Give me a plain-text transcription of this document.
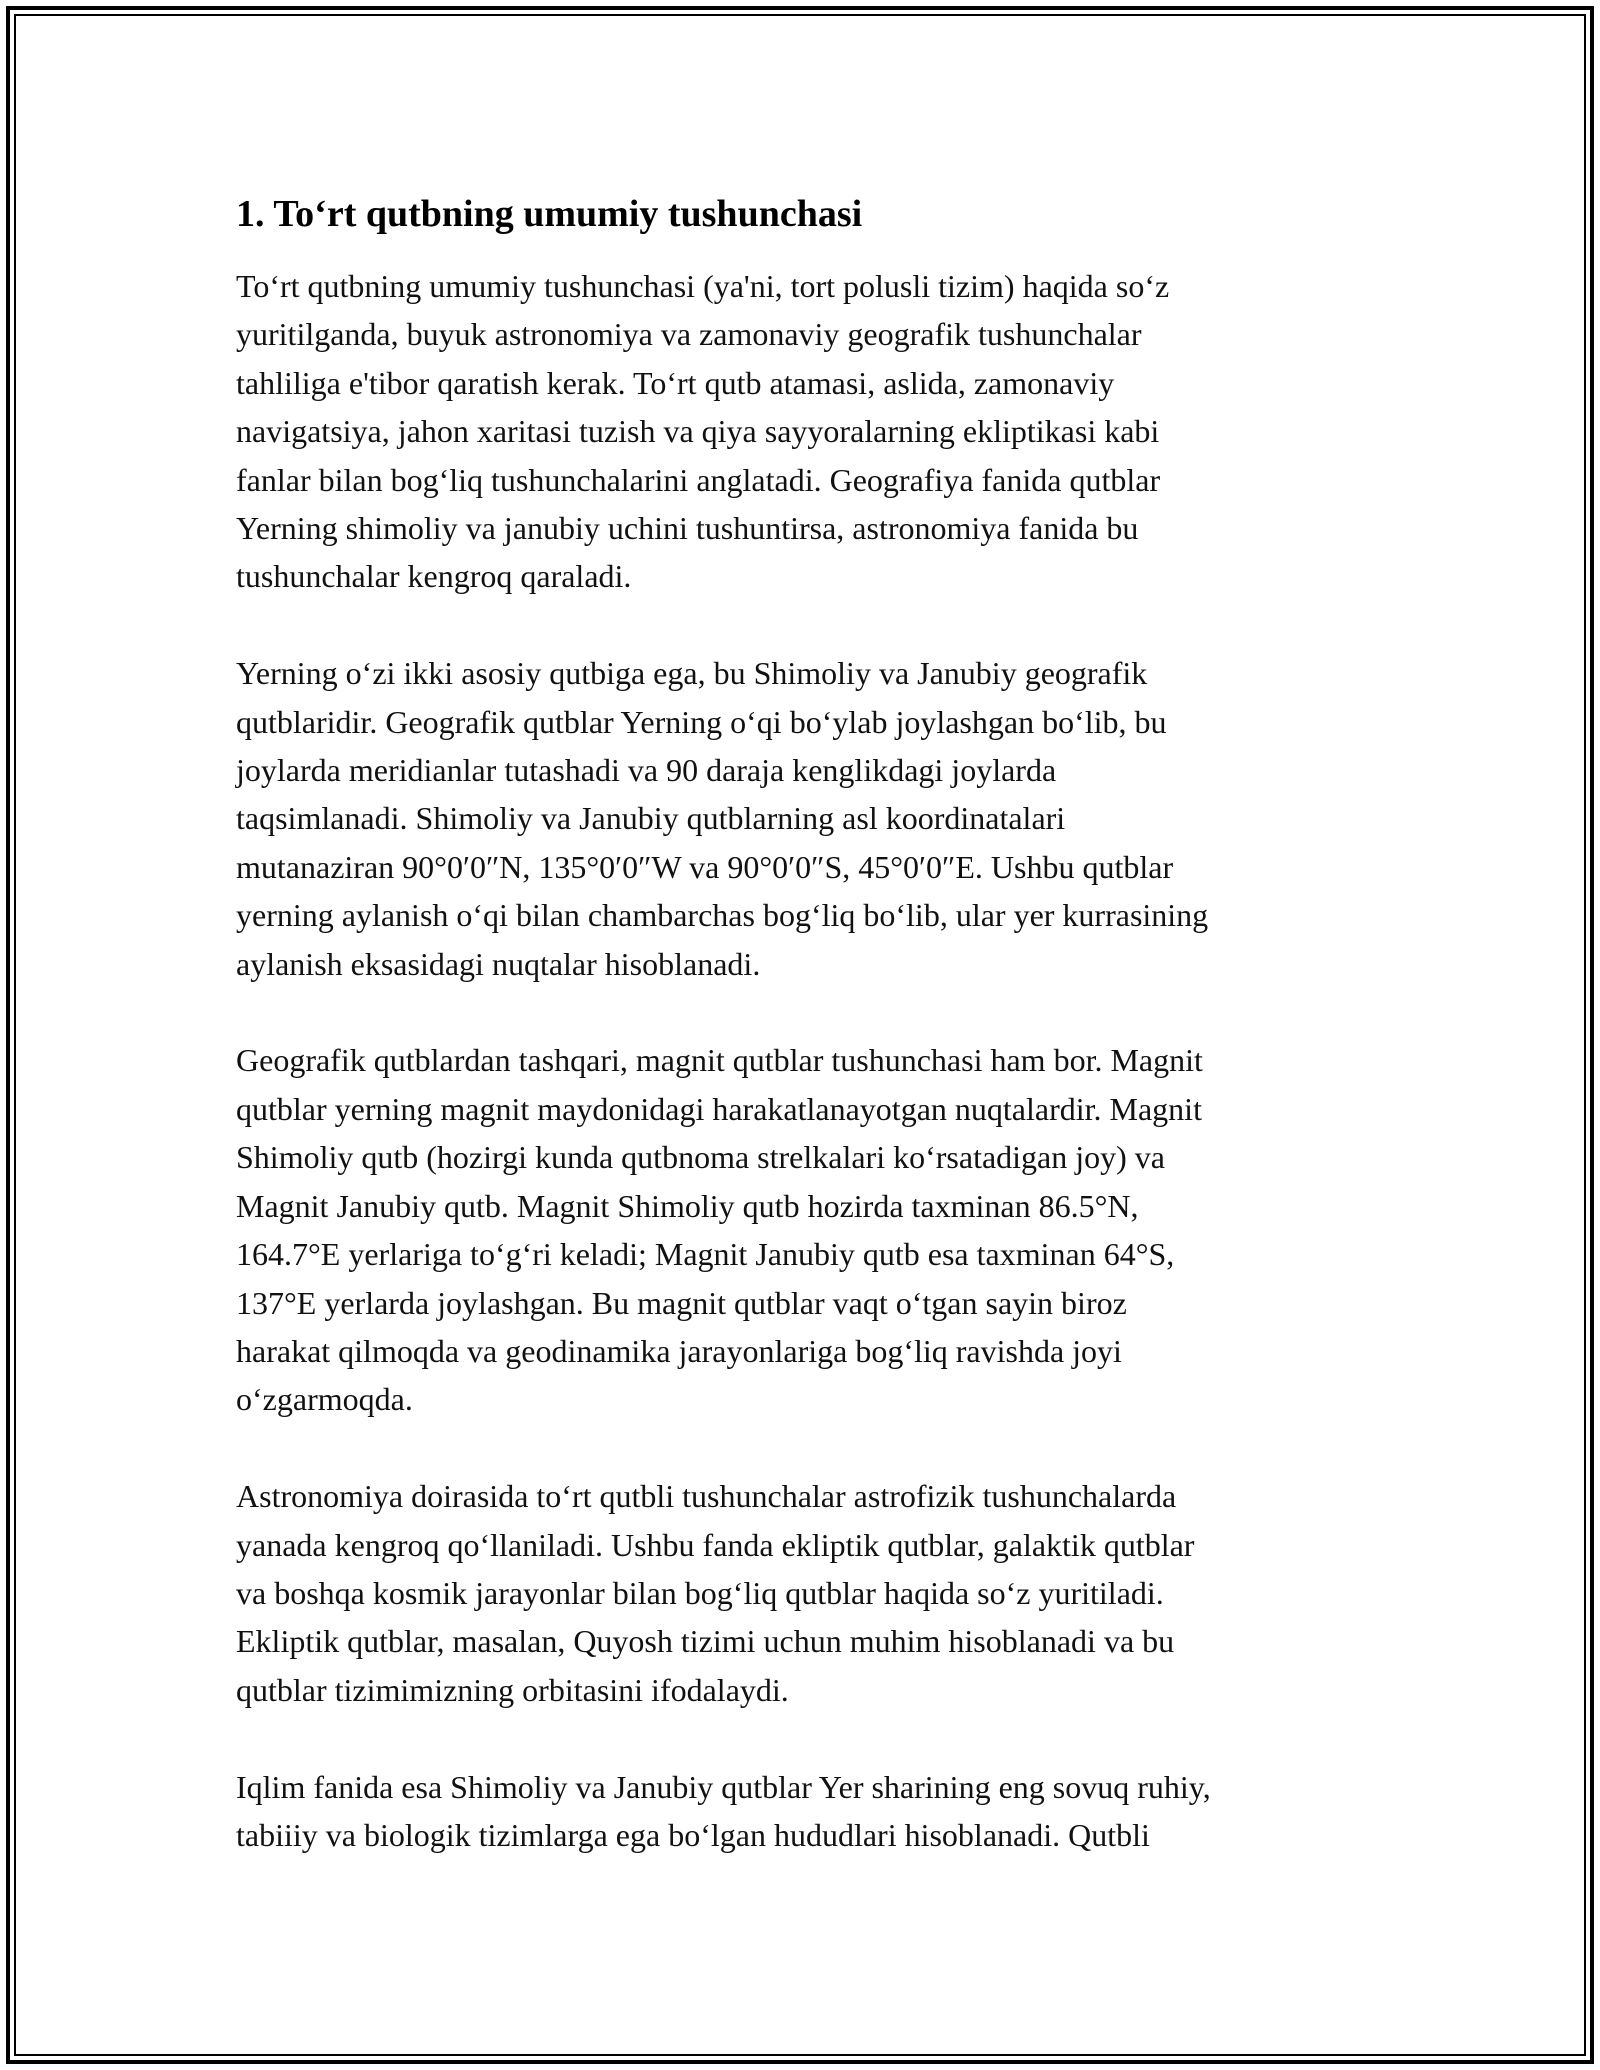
1. To‘rt qutbning umumiy tushunchasi

To‘rt qutbning umumiy tushunchasi (ya'ni, tort polusli tizim) haqida so‘z
yuritilganda, buyuk astronomiya va zamonaviy geografik tushunchalar
tahliliga e'tibor qaratish kerak. To‘rt qutb atamasi, aslida, zamonaviy
navigatsiya, jahon xaritasi tuzish va qiya sayyoralarning ekliptikasi kabi
fanlar bilan bog‘liq tushunchalarini anglatadi. Geografiya fanida qutblar
Yerning shimoliy va janubiy uchini tushuntirsa, astronomiya fanida bu
tushunchalar kengroq qaraladi.

Yerning o‘zi ikki asosiy qutbiga ega, bu Shimoliy va Janubiy geografik
qutblaridir. Geografik qutblar Yerning o‘qi bo‘ylab joylashgan bo‘lib, bu
joylarda meridianlar tutashadi va 90 daraja kenglikdagi joylarda
taqsimlanadi. Shimoliy va Janubiy qutblarning asl koordinatalari
mutanaziran 90°0′0″N, 135°0′0″W va 90°0′0″S, 45°0′0″E. Ushbu qutblar
yerning aylanish o‘qi bilan chambarchas bog‘liq bo‘lib, ular yer kurrasining
aylanish eksasidagi nuqtalar hisoblanadi.

Geografik qutblardan tashqari, magnit qutblar tushunchasi ham bor. Magnit
qutblar yerning magnit maydonidagi harakatlanayotgan nuqtalardir. Magnit
Shimoliy qutb (hozirgi kunda qutbnoma strelkalari ko‘rsatadigan joy) va
Magnit Janubiy qutb. Magnit Shimoliy qutb hozirda taxminan 86.5°N,
164.7°E yerlariga to‘g‘ri keladi; Magnit Janubiy qutb esa taxminan 64°S,
137°E yerlarda joylashgan. Bu magnit qutblar vaqt o‘tgan sayin biroz
harakat qilmoqda va geodinamika jarayonlariga bog‘liq ravishda joyi
o‘zgarmoqda.

Astronomiya doirasida to‘rt qutbli tushunchalar astrofizik tushunchalarda
yanada kengroq qo‘llaniladi. Ushbu fanda ekliptik qutblar, galaktik qutblar
va boshqa kosmik jarayonlar bilan bog‘liq qutblar haqida so‘z yuritiladi.
Ekliptik qutblar, masalan, Quyosh tizimi uchun muhim hisoblanadi va bu
qutblar tizimimizning orbitasini ifodalaydi.

Iqlim fanida esa Shimoliy va Janubiy qutblar Yer sharining eng sovuq ruhiy,
tabiiiy va biologik tizimlarga ega bo‘lgan hududlari hisoblanadi. Qutbli
